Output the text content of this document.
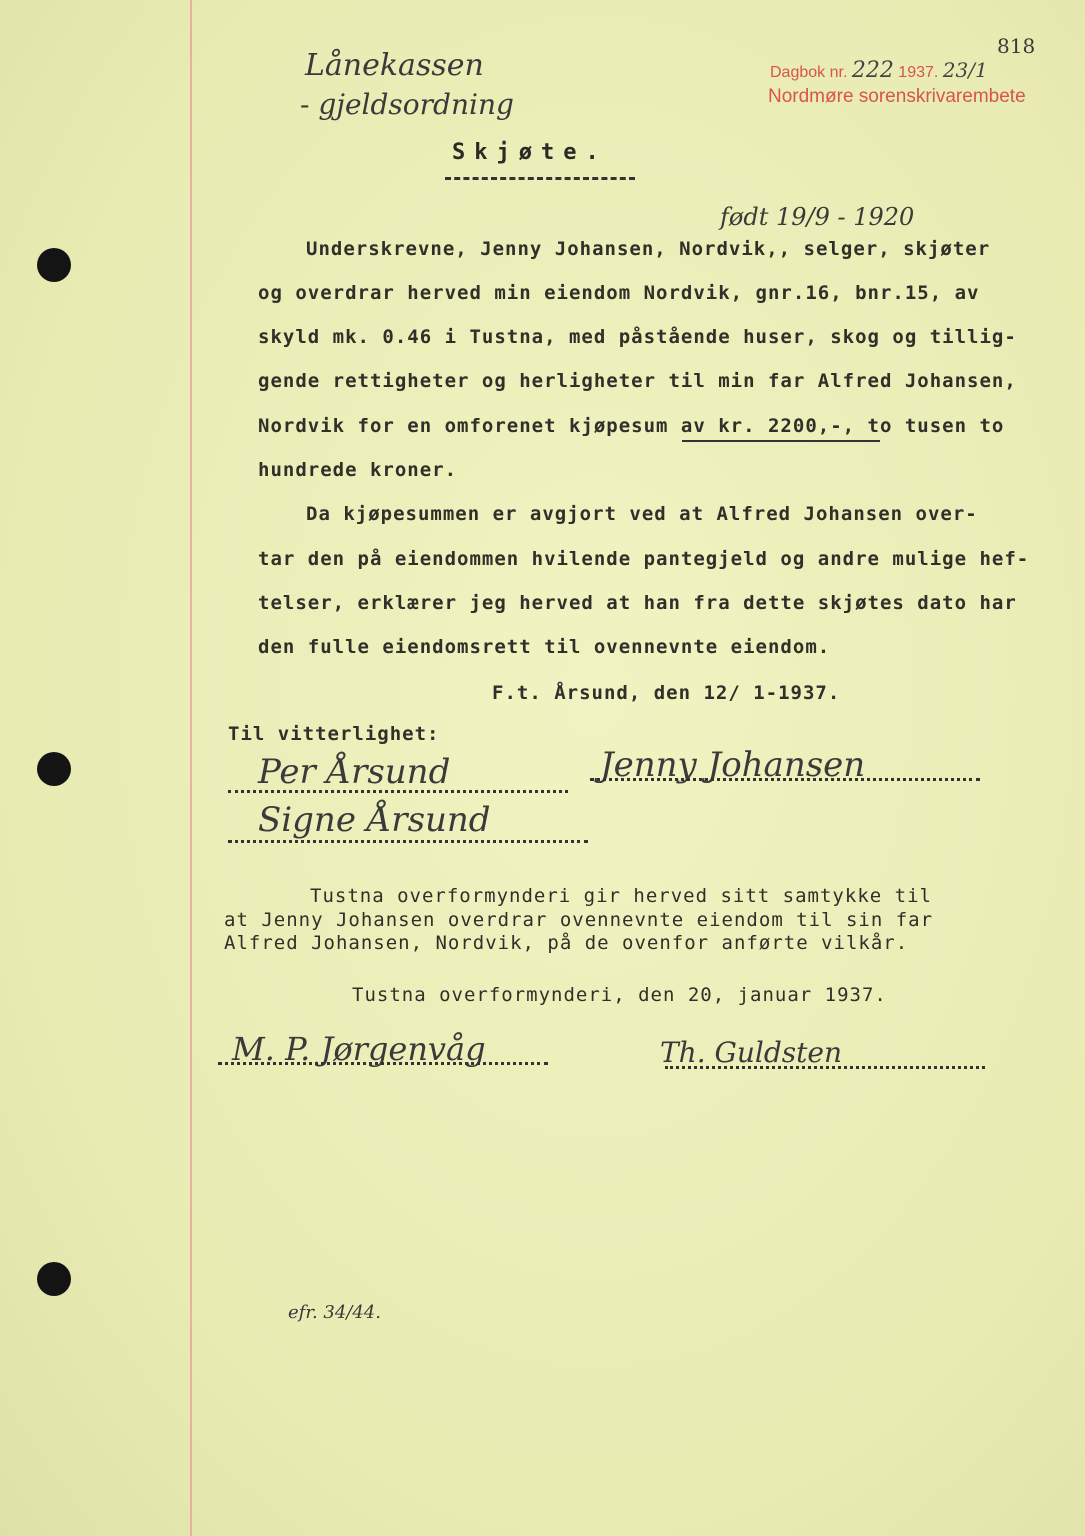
Lånekassen
- gjeldsordning
Dagbok nr. 222 1937. 23/1
818
Nordmøre sorenskrivarembete
Skjøte.
født 19/9 - 1920
Underskrevne, Jenny Johansen, Nordvik,, selger, skjøter
og overdrar herved min eiendom Nordvik, gnr.16, bnr.15, av
skyld mk. 0.46 i Tustna, med påstående huser, skog og tillig-
gende rettigheter og herligheter til min far Alfred Johansen,
Nordvik for en omforenet kjøpesum av kr. 2200,-, to tusen to
hundrede kroner.
Da kjøpesummen er avgjort ved at Alfred Johansen over-
tar den på eiendommen hvilende pantegjeld og andre mulige hef-
telser, erklærer jeg herved at han fra dette skjøtes dato har
den fulle eiendomsrett til ovennevnte eiendom.
F.t. Årsund, den 12/ 1-1937.
Til vitterlighet:
Per Årsund	Jenny Johansen
Signe Årsund
Tustna overformynderi gir herved sitt samtykke til
at Jenny Johansen overdrar ovennevnte eiendom til sin far
Alfred Johansen, Nordvik, på de ovenfor anførte vilkår.
Tustna overformynderi, den 20, januar 1937.
M. P. Jørgenvåg	Th. Guldsten
efr. 34/44.
